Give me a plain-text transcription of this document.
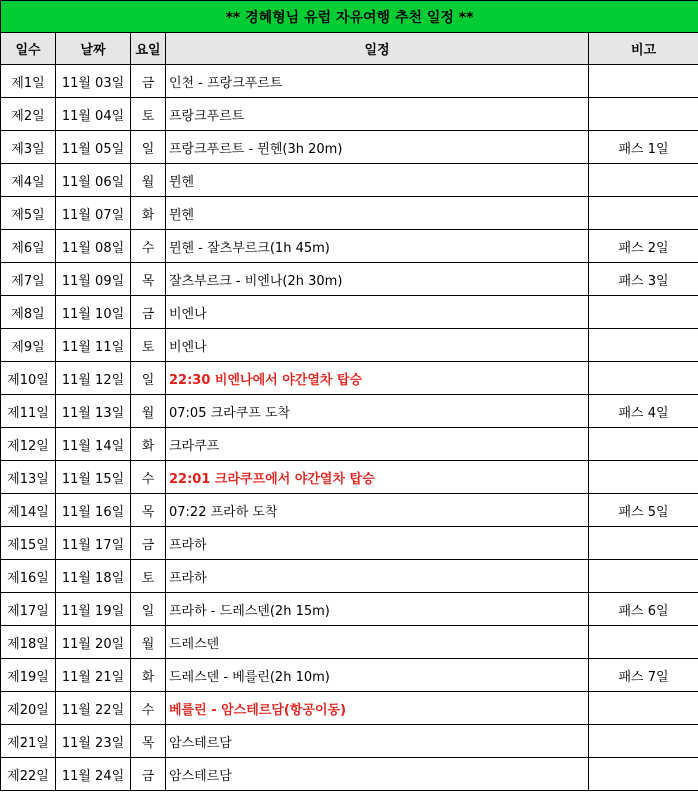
** 경혜형님 유럽 자유여행 추천 일정 **				
일수	날짜	요일	일정	비고
제1일	11월 03일	금	인천 - 프랑크푸르트	
제2일	11월 04일	토	프랑크푸르트	
제3일	11월 05일	일	프랑크푸르트 - 뮌헨(3h 20m)	패스 1일
제4일	11월 06일	월	뮌헨	
제5일	11월 07일	화	뮌헨	
제6일	11월 08일	수	뮌헨 - 잘츠부르크(1h 45m)	패스 2일
제7일	11월 09일	목	잘츠부르크 - 비엔나(2h 30m)	패스 3일
제8일	11월 10일	금	비엔나	
제9일	11월 11일	토	비엔나	
제10일	11월 12일	일	22:30 비엔나에서 야간열차 탑승	
제11일	11월 13일	월	07:05 크라쿠프 도착	패스 4일
제12일	11월 14일	화	크라쿠프	
제13일	11월 15일	수	22:01 크라쿠프에서 야간열차 탑승	
제14일	11월 16일	목	07:22 프라하 도착	패스 5일
제15일	11월 17일	금	프라하	
제16일	11월 18일	토	프라하	
제17일	11월 19일	일	프라하 - 드레스덴(2h 15m)	패스 6일
제18일	11월 20일	월	드레스덴	
제19일	11월 21일	화	드레스덴 - 베를린(2h 10m)	패스 7일
제20일	11월 22일	수	베를린 - 암스테르담(항공이동)	
제21일	11월 23일	목	암스테르담	
제22일	11월 24일	금	암스테르담	
